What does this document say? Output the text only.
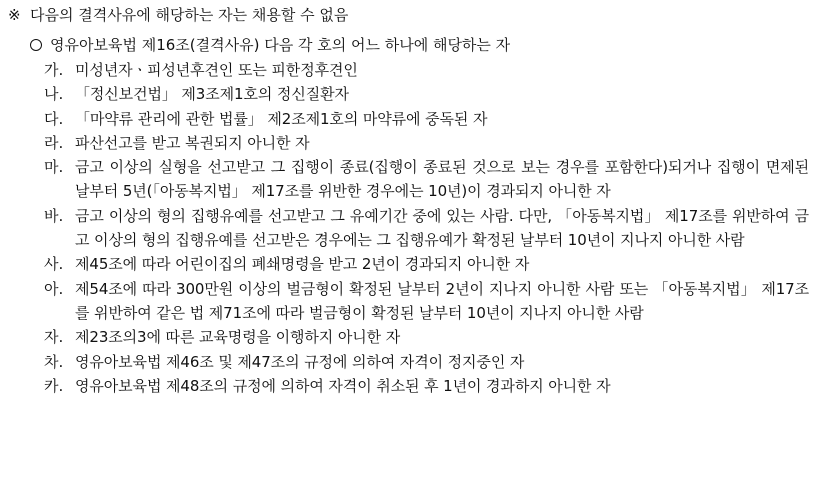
※ 다음의 결격사유에 해당하는 자는 채용할 수 없음
영유아보육법 제16조(결격사유) 다음 각 호의 어느 하나에 해당하는 자
가. 미성년자ㆍ피성년후견인 또는 피한정후견인
나. 「정신보건법」 제3조제1호의 정신질환자
다. 「마약류 관리에 관한 법률」 제2조제1호의 마약류에 중독된 자
라. 파산선고를 받고 복권되지 아니한 자
마. 금고 이상의 실형을 선고받고 그 집행이 종료(집행이 종료된 것으로 보는 경우를 포함한다)되거나 집행이 면제된 날부터 5년(「아동복지법」 제17조를 위반한 경우에는 10년)이 경과되지 아니한 자
바. 금고 이상의 형의 집행유예를 선고받고 그 유예기간 중에 있는 사람. 다만, 「아동복지법」 제17조를 위반하여 금고 이상의 형의 집행유예를 선고받은 경우에는 그 집행유예가 확정된 날부터 10년이 지나지 아니한 사람
사. 제45조에 따라 어린이집의 폐쇄명령을 받고 2년이 경과되지 아니한 자
아. 제54조에 따라 300만원 이상의 벌금형이 확정된 날부터 2년이 지나지 아니한 사람 또는 「아동복지법」 제17조를 위반하여 같은 법 제71조에 따라 벌금형이 확정된 날부터 10년이 지나지 아니한 사람
자. 제23조의3에 따른 교육명령을 이행하지 아니한 자
차. 영유아보육법 제46조 및 제47조의 규정에 의하여 자격이 정지중인 자
카. 영유아보육법 제48조의 규정에 의하여 자격이 취소된 후 1년이 경과하지 아니한 자
